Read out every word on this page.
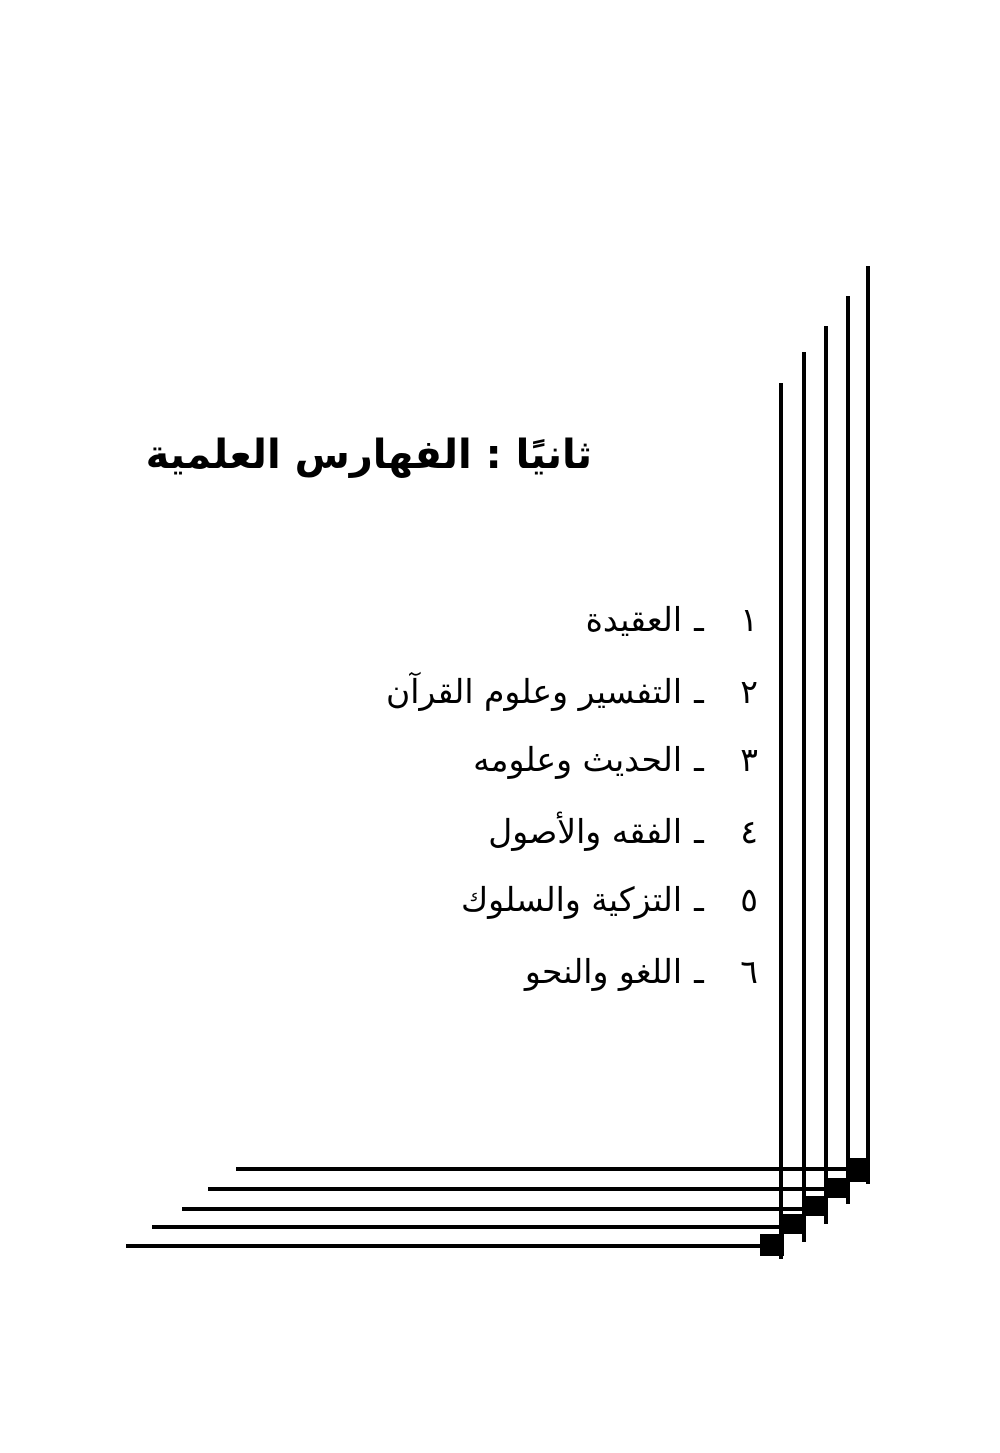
ثانيًا : الفهارس العلمية
١ـالعقيدة
٢ـالتفسير وعلوم القرآن
٣ـالحديث وعلومه
٤ـالفقه والأصول
٥ـالتزكية والسلوك
٦ـاللغو والنحو
